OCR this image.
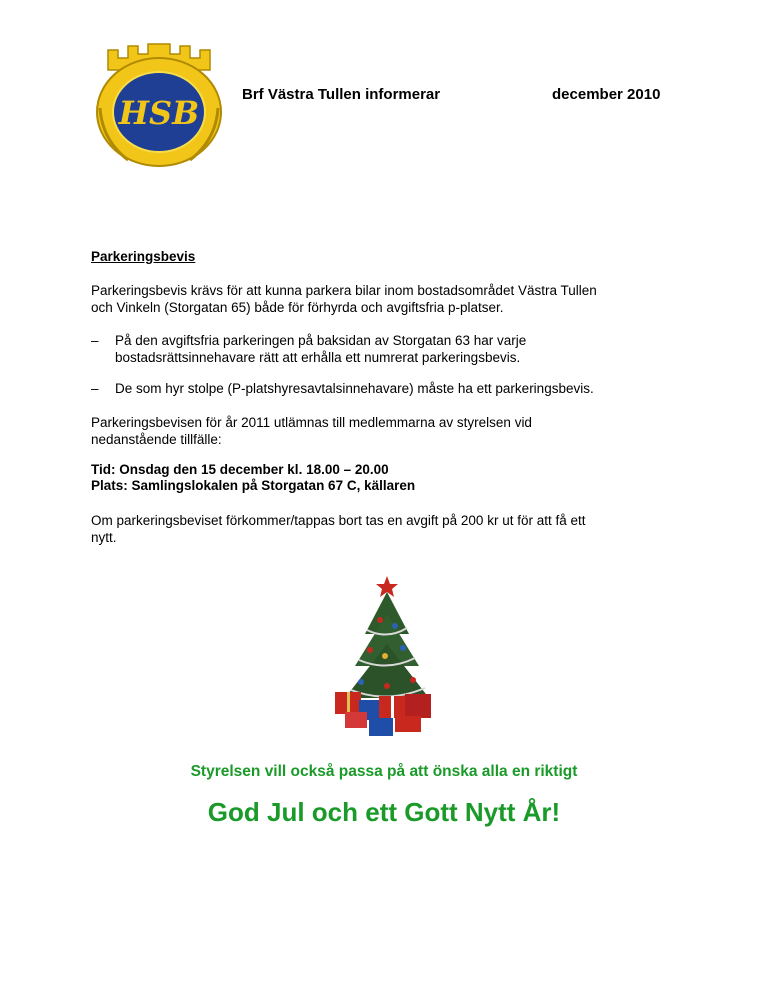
HSB	Brf Västra Tullen informerar	december 2010
Parkeringsbevis
Parkeringsbevis krävs för att kunna parkera bilar inom bostadsområdet Västra Tullen
och Vinkeln (Storgatan 65) både för förhyrda och avgiftsfria p-platser.
–	På den avgiftsfria parkeringen på baksidan av Storgatan 63 har varje
bostadsrättsinnehavare rätt att erhålla ett numrerat parkeringsbevis.
–	De som hyr stolpe (P-platshyresavtalsinnehavare) måste ha ett parkeringsbevis.
Parkeringsbevisen för år 2011 utlämnas till medlemmarna av styrelsen vid
nedanstående tillfälle:
Tid: Onsdag den 15 december kl. 18.00 – 20.00
Plats: Samlingslokalen på Storgatan 67 C, källaren
Om parkeringsbeviset förkommer/tappas bort tas en avgift på 200 kr ut för att få ett
nytt.
Styrelsen vill också passa på att önska alla en riktigt
God Jul och ett Gott Nytt År!
